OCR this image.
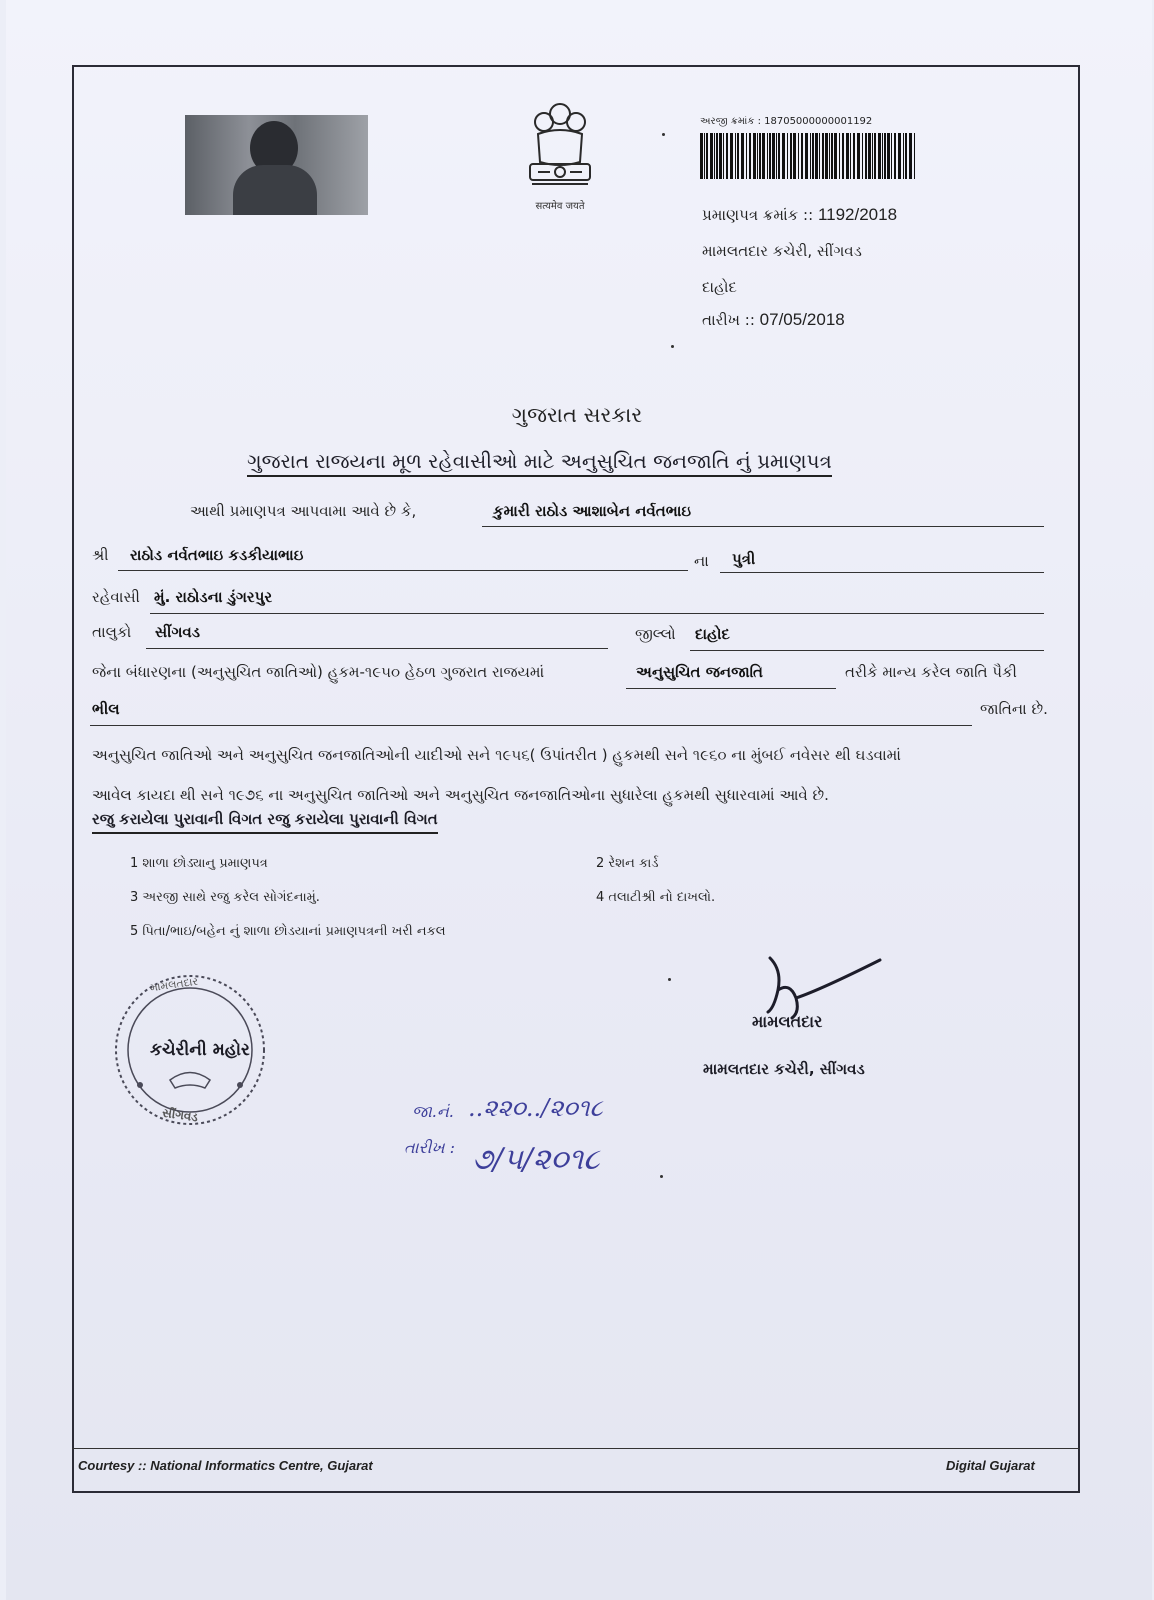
सत्यमेव जयते
અરજી ક્રમાંક : 18705000000001192
પ્રમાણપત્ર ક્રમાંક :: 1192/2018
મામલતદાર કચેરી, સીંગવડ
દાહોદ
તારીખ :: 07/05/2018
ગુજરાત સરકાર
ગુજરાત રાજયના મૂળ રહેવાસીઓ માટે અનુસુચિત જનજાતિ નું પ્રમાણપત્ર
આથી પ્રમાણપત્ર આપવામા આવે છે કે,	કુમારી રાઠોડ આશાબેન નર્વતભાઇ
શ્રી રાઠોડ નર્વતભાઇ કડકીયાભાઇ	ના પુત્રી
રહેવાસી મું. રાઠોડના ડુંગરપુર
તાલુકો સીંગવડ	જીલ્લો દાહોદ
જેના બંધારણના (અનુસુચિત જાતિઓ) હુકમ-૧૯૫૦ હેઠળ ગુજરાત રાજયમાં	અનુસુચિત જનજાતિ	તરીકે માન્ય કરેલ જાતિ પૈકી
ભીલ	જાતિના છે.
અનુસુચિત જાતિઓ અને અનુસુચિત જનજાતિઓની યાદીઓ સને ૧૯૫૬( ઉપાંતરીત ) હુકમથી સને ૧૯૬૦ ના મુંબઈ નવેસર થી ઘડવામાં
આવેલ કાયદા થી સને ૧૯૭૬ ના અનુસુચિત જાતિઓ અને અનુસુચિત જનજાતિઓના સુધારેલા હુકમથી સુધારવામાં આવે છે.
રજુ કરાયેલા પુરાવાની વિગત રજુ કરાયેલા પુરાવાની વિગત
1 શાળા છોડ્યાનુ પ્રમાણપત્ર	2 રેશન કાર્ડ
3 અરજી સાથે રજુ કરેલ સોગંદનામું.	4 તલાટીશ્રી નો દાખલો.
5 પિતા/ભાઇ/બહેન નું શાળા છોડયાનાં પ્રમાણપત્રની ખરી નકલ
મામલતદાર
સીંગવડ
કચેરીની મહોર
મામલતદાર
મામલતદાર કચેરી, સીંગવડ
જા.નં. ..૨૨૦../૨૦૧૮
તારીખ : ૭/૫/૨૦૧૮
Courtesy :: National Informatics Centre, Gujarat	Digital Gujarat
